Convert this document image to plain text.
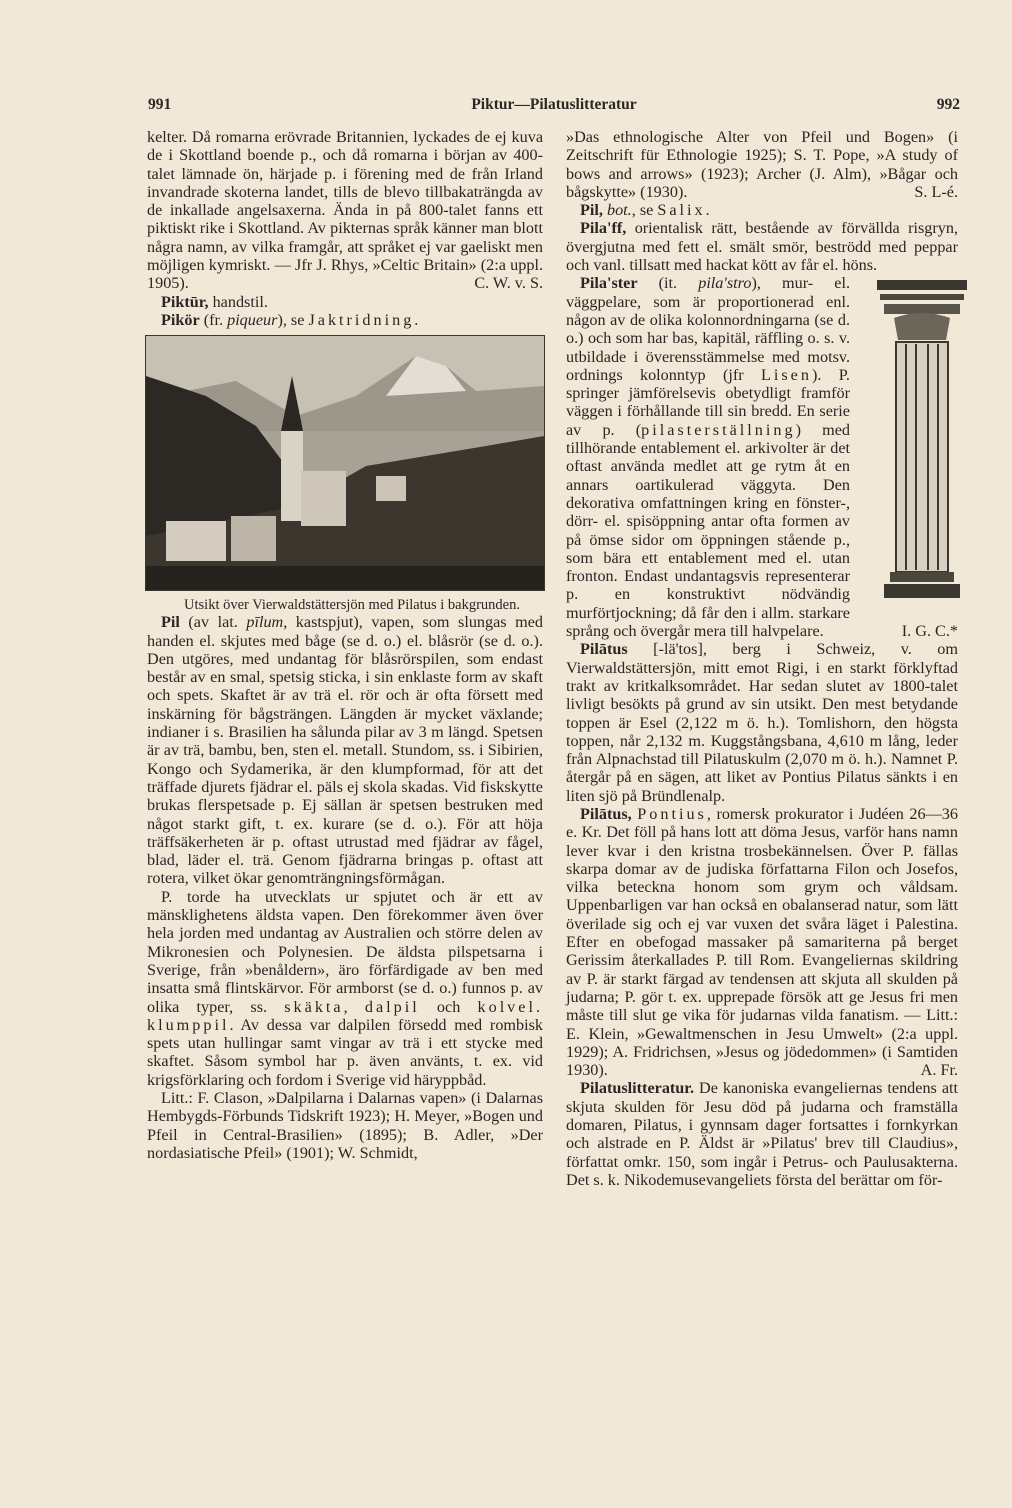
991	Piktur—Pilatuslitteratur	992

kelter. Då romarna erövrade Britannien, lyckades de ej kuva de i Skottland boende p., och då romarna i början av 400-talet lämnade ön, härjade p. i förening med de från Irland invandrade skoterna landet, tills de blevo tillbakaträngda av de inkallade angelsaxerna. Ända in på 800-talet fanns ett piktiskt rike i Skottland. Av pikternas språk känner man blott några namn, av vilka framgår, att språket ej var gaeliskt men möjligen kymriskt. — Jfr J. Rhys, »Celtic Britain» (2:a uppl. 1905).	C. W. v. S.

Piktūr, handstil.

Pikör (fr. piqueur), se Jaktridning.

Utsikt över Vierwaldstättersjön med Pilatus i bakgrunden.

Pil (av lat. pīlum, kastspjut), vapen, som slungas med handen el. skjutes med båge (se d. o.) el. blåsrör (se d. o.). Den utgöres, med undantag för blåsrörspilen, som endast består av en smal, spetsig sticka, i sin enklaste form av skaft och spets. Skaftet är av trä el. rör och är ofta försett med inskärning för bågsträngen. Längden är mycket växlande; indianer i s. Brasilien ha sålunda pilar av 3 m längd. Spetsen är av trä, bambu, ben, sten el. metall. Stundom, ss. i Sibirien, Kongo och Sydamerika, är den klumpformad, för att det träffade djurets fjädrar el. päls ej skola skadas. Vid fiskskytte brukas flerspetsade p. Ej sällan är spetsen bestruken med något starkt gift, t. ex. kurare (se d. o.). För att höja träffsäkerheten är p. oftast utrustad med fjädrar av fågel, blad, läder el. trä. Genom fjädrarna bringas p. oftast att rotera, vilket ökar genomträngningsförmågan.

P. torde ha utvecklats ur spjutet och är ett av mänsklighetens äldsta vapen. Den förekommer även över hela jorden med undantag av Australien och större delen av Mikronesien och Polynesien. De äldsta pilspetsarna i Sverige, från »benåldern», äro förfärdigade av ben med insatta små flintskärvor. För armborst (se d. o.) funnos p. av olika typer, ss. skäkta, dalpil och kolvel. klumppil. Av dessa var dalpilen försedd med rombisk spets utan hullingar samt vingar av trä i ett stycke med skaftet. Såsom symbol har p. även använts, t. ex. vid krigsförklaring och fordom i Sverige vid härуppbåd.

Litt.: F. Clason, »Dalpilarna i Dalarnas vapen» (i Dalarnas Hembygds-Förbunds Tidskrift 1923); H. Meyer, »Bogen und Pfeil in Central-Brasilien» (1895); B. Adler, »Der nordasiatische Pfeil» (1901); W. Schmidt,

»Das ethnologische Alter von Pfeil und Bogen» (i Zeitschrift für Ethnologie 1925); S. T. Pope, »A study of bows and arrows» (1923); Archer (J. Alm), »Bågar och bågskytte» (1930).	S. L-é.

Pil, bot., se Salix.

Pila'ff, orientalisk rätt, bestående av förvällda risgryn, övergjutna med fett el. smält smör, beströdd med peppar och vanl. tillsatt med hackat kött av får el. höns.

Pila'ster (it. pila'stro), mur- el. väggpelare, som är proportionerad enl. någon av de olika kolonnordningarna (se d. o.) och som har bas, kapitäl, räffling o. s. v. utbildade i överensstämmelse med motsv. ordnings kolonntyp (jfr Lisen). P. springer jämförelsevis obetydligt framför väggen i förhållande till sin bredd. En serie av p. (pilasterställning) med tillhörande entablement el. arkivolter är det oftast använda medlet att ge rytm åt en annars oartikulerad väggyta. Den dekorativa omfattningen kring en fönster-, dörr- el. spisöppning antar ofta formen av på ömse sidor om öppningen stående p., som bära ett entablement med el. utan fronton. Endast undantagsvis representerar p. en konstruktivt nödvändig murförtjockning; då får den i allm. starkare språng och övergår mera till halvpelare.	I. G. C.*

Pilātus [-lä'tos], berg i Schweiz, v. om Vierwaldstättersjön, mitt emot Rigi, i en starkt förklyftad trakt av kritkalksområdet. Har sedan slutet av 1800-talet livligt besökts på grund av sin utsikt. Den mest betydande toppen är Esel (2,122 m ö. h.). Tomlishorn, den högsta toppen, når 2,132 m. Kuggstångsbana, 4,610 m lång, leder från Alpnachstad till Pilatuskulm (2,070 m ö. h.). Namnet P. återgår på en sägen, att liket av Pontius Pilatus sänkts i en liten sjö på Bründlenalp.

Pilātus, Pontius, romersk prokurator i Judéen 26—36 e. Kr. Det föll på hans lott att döma Jesus, varför hans namn lever kvar i den kristna trosbekännelsen. Över P. fällas skarpa domar av de judiska författarna Filon och Josefos, vilka beteckna honom som grym och våldsam. Uppenbarligen var han också en obalanserad natur, som lätt överilade sig och ej var vuxen det svåra läget i Palestina. Efter en obefogad massaker på samariterna på berget Gerissim återkallades P. till Rom. Evangeliernas skildring av P. är starkt färgad av tendensen att skjuta all skulden på judarna; P. gör t. ex. upprepade försök att ge Jesus fri men måste till slut ge vika för judarnas vilda fanatism. — Litt.: E. Klein, »Gewaltmenschen in Jesu Umwelt» (2:a uppl. 1929); A. Fridrichsen, »Jesus og jödedommen» (i Samtiden 1930).	A. Fr.

Pilatuslitteratur. De kanoniska evangeliernas tendens att skjuta skulden för Jesu död på judarna och framställa domaren, Pilatus, i gynnsam dager fortsattes i fornkyrkan och alstrade en P. Äldst är »Pilatus' brev till Claudius», författat omkr. 150, som ingår i Petrus- och Paulusakterna. Det s. k. Nikodemusevangeliets första del berättar om för-
